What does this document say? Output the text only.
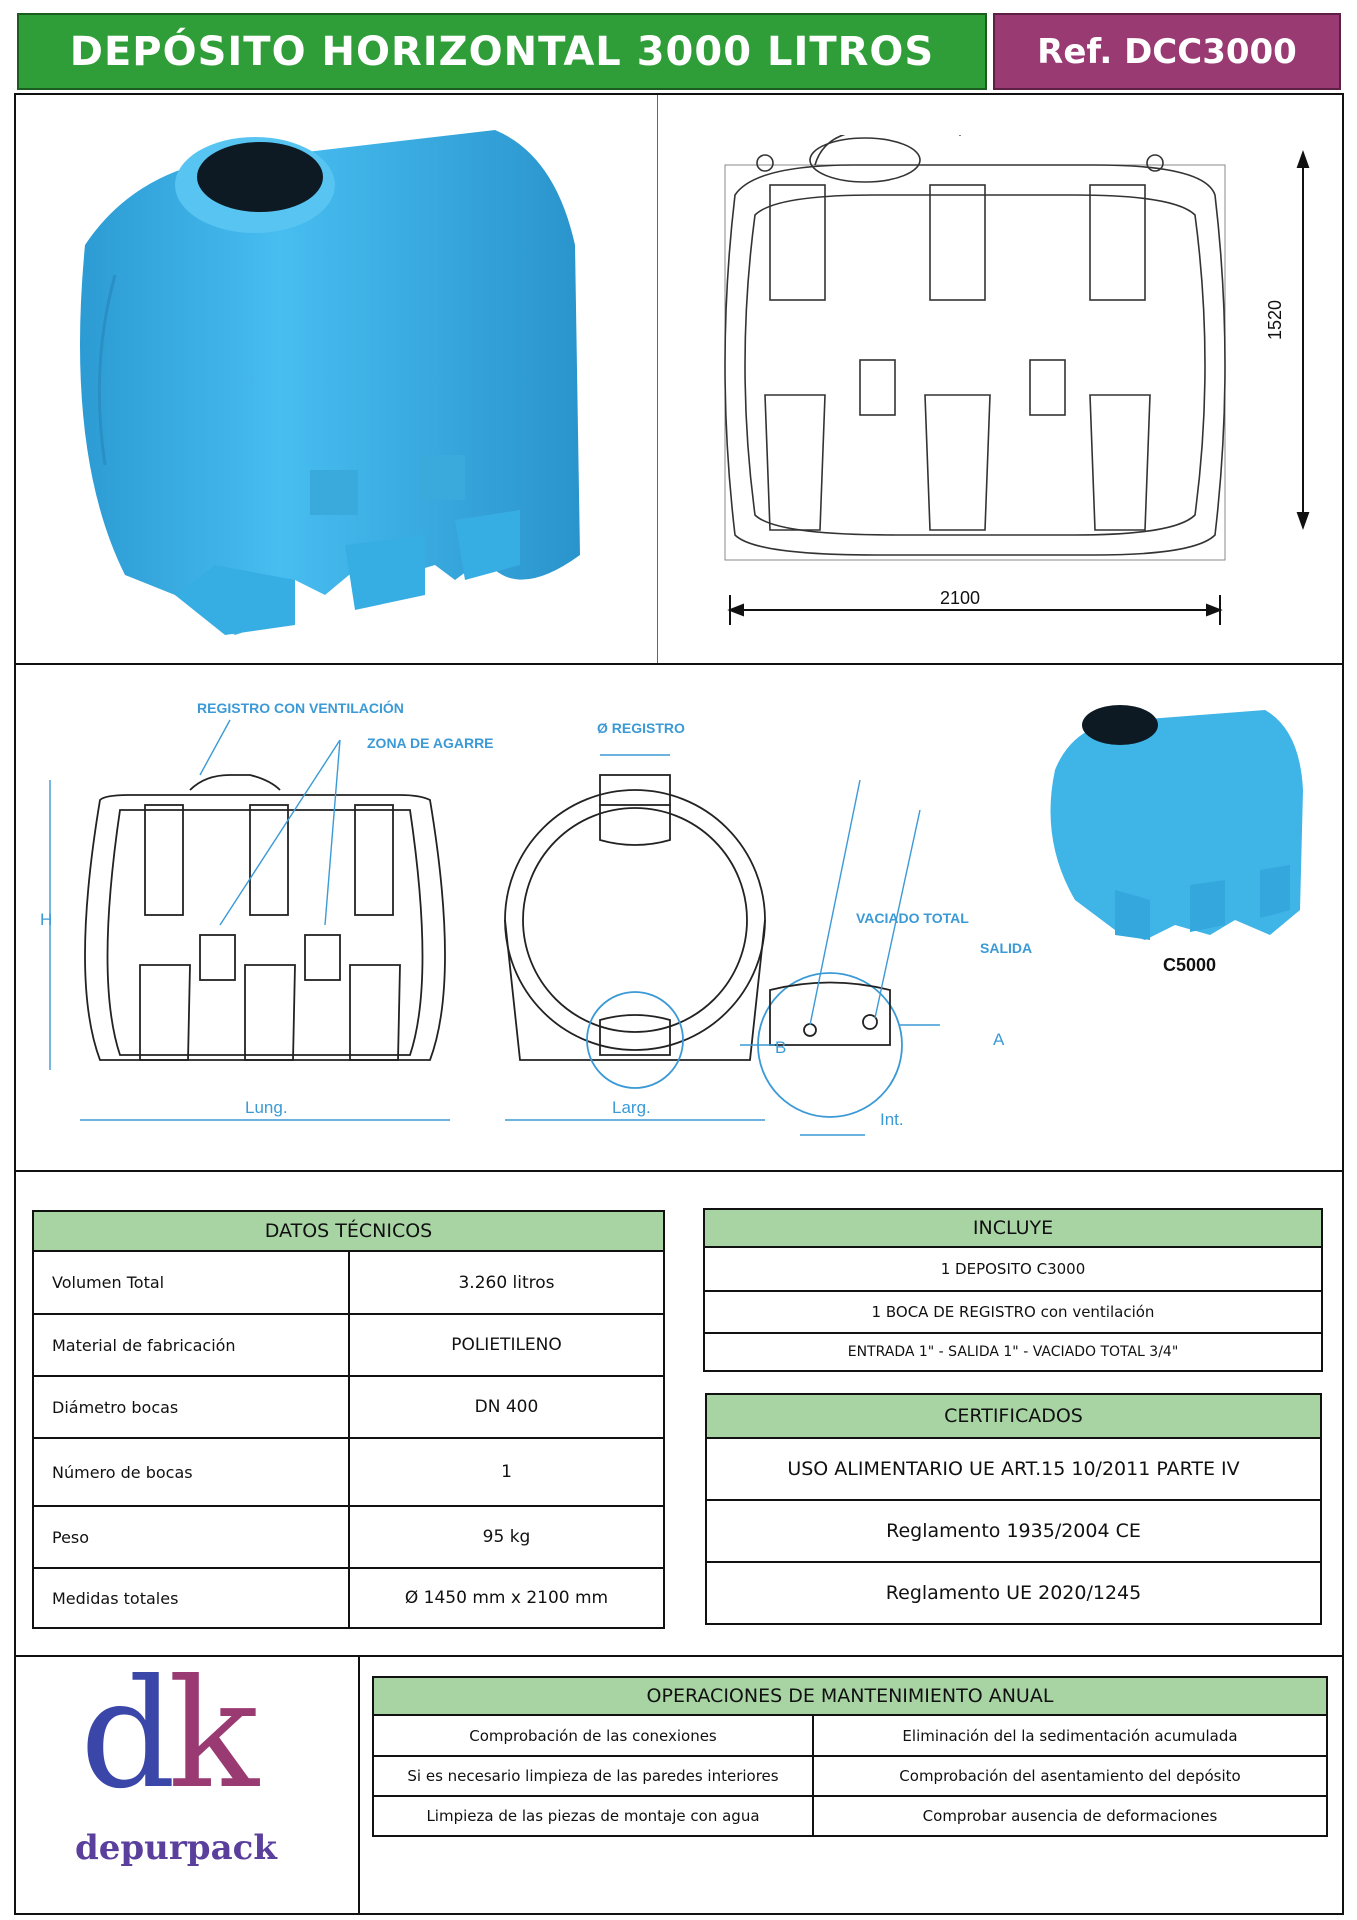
DEPÓSITO HORIZONTAL 3000 LITROS	Ref. DCC3000
2100
1520
REGISTRO CON VENTILACIÓN
ZONA DE AGARRE
Ø REGISTRO
VACIADO TOTAL
SALIDA
H
Lung.	Larg.
B	A
Int.
C5000
DATOS TÉCNICOS	
Volumen Total	3.260 litros
Material de fabricación	POLIETILENO
Diámetro bocas	DN 400
Número de bocas	1
Peso	95 kg
Medidas totales	Ø 1450 mm x 2100 mm
INCLUYE
1 DEPOSITO C3000
1 BOCA DE REGISTRO con ventilación
ENTRADA 1" - SALIDA 1" - VACIADO TOTAL 3/4"
CERTIFICADOS
USO ALIMENTARIO UE ART.15 10/2011 PARTE IV
Reglamento 1935/2004 CE
Reglamento UE 2020/1245
OPERACIONES DE MANTENIMIENTO ANUAL	
Comprobación de las conexiones	Eliminación del la sedimentación acumulada
Si es necesario limpieza de las paredes interiores	Comprobación del asentamiento del depósito
Limpieza de las piezas de montaje con agua	Comprobar ausencia de deformaciones
dk
depurpack
